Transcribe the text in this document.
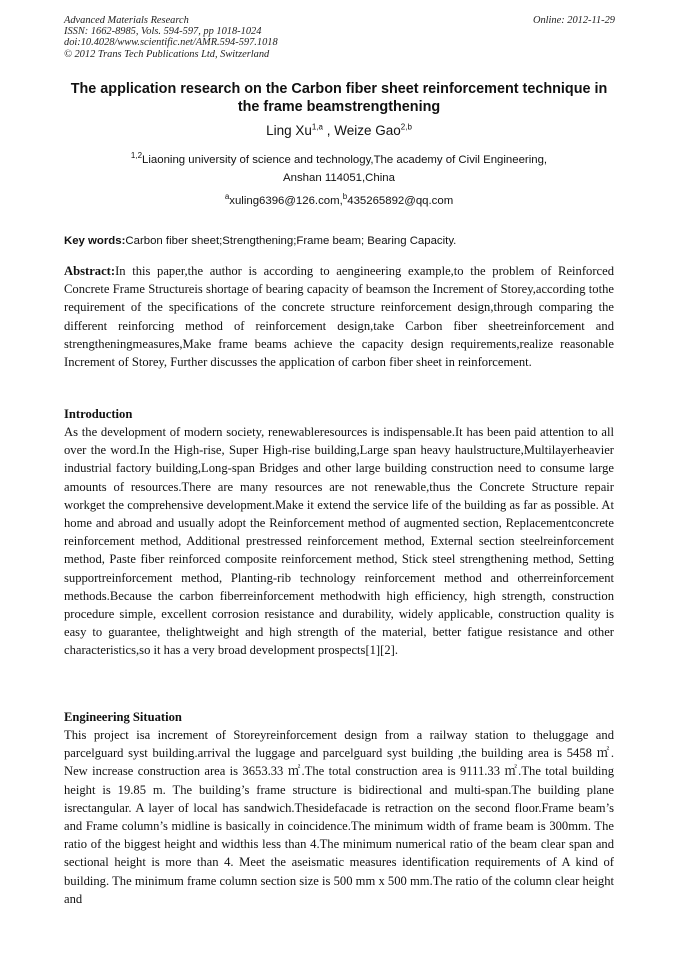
Advanced Materials Research
ISSN: 1662-8985, Vols. 594-597, pp 1018-1024
doi:10.4028/www.scientific.net/AMR.594-597.1018
© 2012 Trans Tech Publications Ltd, Switzerland
Online: 2012-11-29
The application research on the Carbon fiber sheet reinforcement technique in the frame beamstrengthening
Ling Xu$^{1,a}$ , Weize Gao$^{2,b}$
$^{1,2}$Liaoning university of science and technology,The academy of Civil Engineering,
Anshan 114051,China
$^a$xuling6396@126.com,$^b$435265892@qq.com
Key words:Carbon fiber sheet;Strengthening;Frame beam; Bearing Capacity.
Abstract:In this paper,the author is according to aengineering example,to the problem of Reinforced Concrete Frame Structureis shortage of bearing capacity of beamson the Increment of Storey,according tothe requirement of the specifications of the concrete structure reinforcement design,through comparing the different reinforcing method of reinforcement design,take Carbon fiber sheetreinforcement and strengtheningmeasures,Make frame beams achieve the capacity design requirements,realize reasonable Increment of Storey, Further discusses the application of carbon fiber sheet in reinforcement.
Introduction
As the development of modern society, renewableresources is indispensable.It has been paid attention to all over the word.In the High-rise, Super High-rise building,Large span heavy haulstructure,Multilayerheavier industrial factory building,Long-span Bridges and other large building construction need to consume large amounts of resources.There are many resources are not renewable,thus the Concrete Structure repair workget the comprehensive development.Make it extend the service life of the building as far as possible. At home and abroad and usually adopt the Reinforcement method of augmented section, Replacementconcrete reinforcement method, Additional prestressed reinforcement method, External section steelreinforcement method, Paste fiber reinforced composite reinforcement method, Stick steel strengthening method, Setting supportreinforcement method, Planting-rib technology reinforcement method and otherreinforcement methods.Because the carbon fiberreinforcement methodwith high efficiency, high strength, construction procedure simple, excellent corrosion resistance and durability, widely applicable, construction quality is easy to guarantee, thelightweight and high strength of the material, better fatigue resistance and other characteristics,so it has a very broad development prospects[1][2].
Engineering Situation
This project isa increment of Storeyreinforcement design from a railway station to theluggage and parcelguard syst building.arrival the luggage and parcelguard syst building ,the building area is 5458 ㎡. New increase construction area is 3653.33 ㎡.The total construction area is 9111.33 ㎡.The total building height is 19.85 m. The building’s frame structure is bidirectional and multi-span.The building plane isrectangular. A layer of local has sandwich.Thesidefacade is retraction on the second floor.Frame beam’s and Frame column’s midline is basically in coincidence.The minimum width of frame beam is 300mm. The ratio of the biggest height and widthis less than 4.The minimum numerical ratio of the beam clear span and sectional height is more than 4. Meet the aseismatic measures identification requirements of A kind of building. The minimum frame column section size is 500 mm x 500 mm.The ratio of the column clear height and
